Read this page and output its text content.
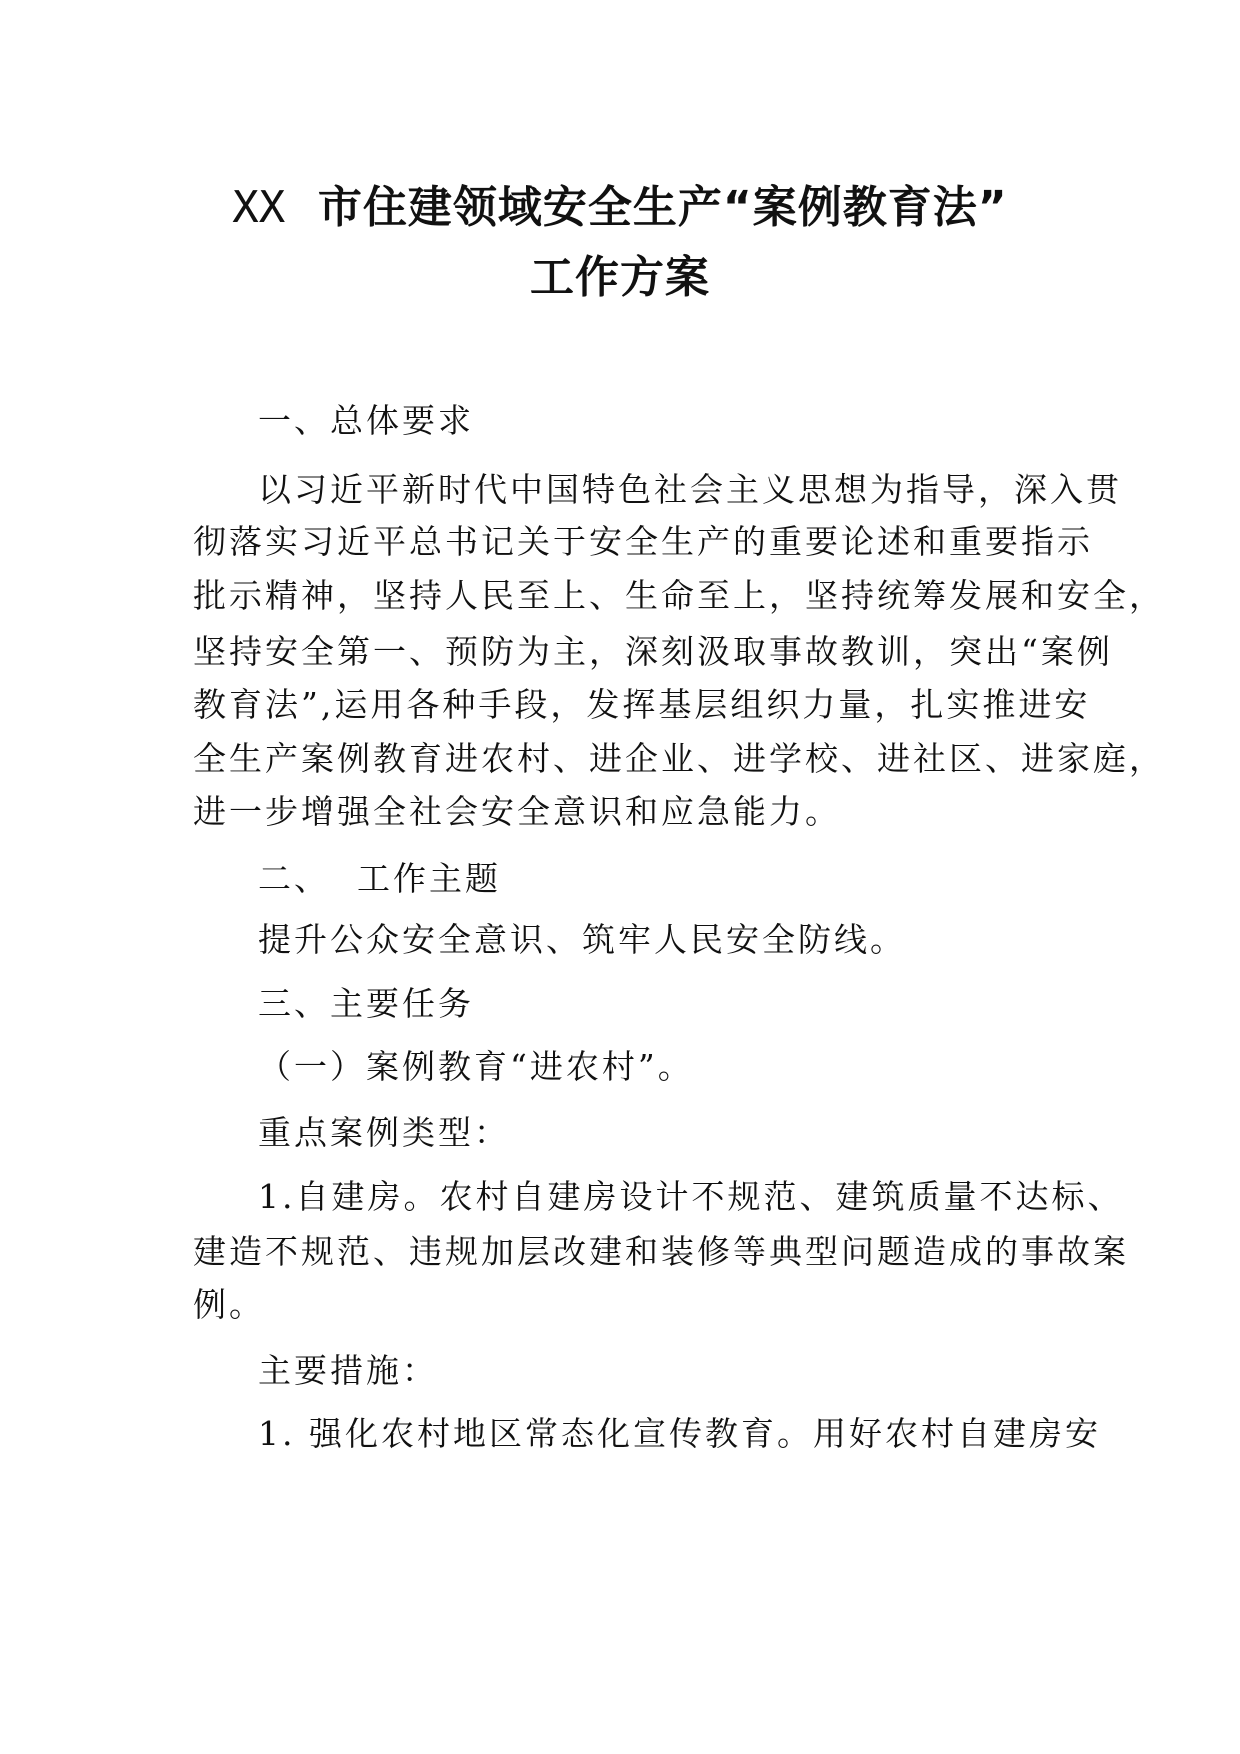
XX 市住建领域安全生产“案例教育法”
工作方案
一、总体要求
以习近平新时代中国特色社会主义思想为指导，深入贯
彻落实习近平总书记关于安全生产的重要论述和重要指示
批示精神，坚持人民至上、生命至上，坚持统筹发展和安全，
坚持安全第一、预防为主，深刻汲取事故教训，突出“案例
教育法”,运用各种手段，发挥基层组织力量，扎实推进安
全生产案例教育进农村、进企业、进学校、进社区、进家庭，
进一步增强全社会安全意识和应急能力。
二、  工作主题
提升公众安全意识、筑牢人民安全防线。
三、主要任务
（一）案例教育“进农村”。
重点案例类型：
1.自建房。农村自建房设计不规范、建筑质量不达标、
建造不规范、违规加层改建和装修等典型问题造成的事故案
例。
主要措施：
1. 强化农村地区常态化宣传教育。用好农村自建房安
